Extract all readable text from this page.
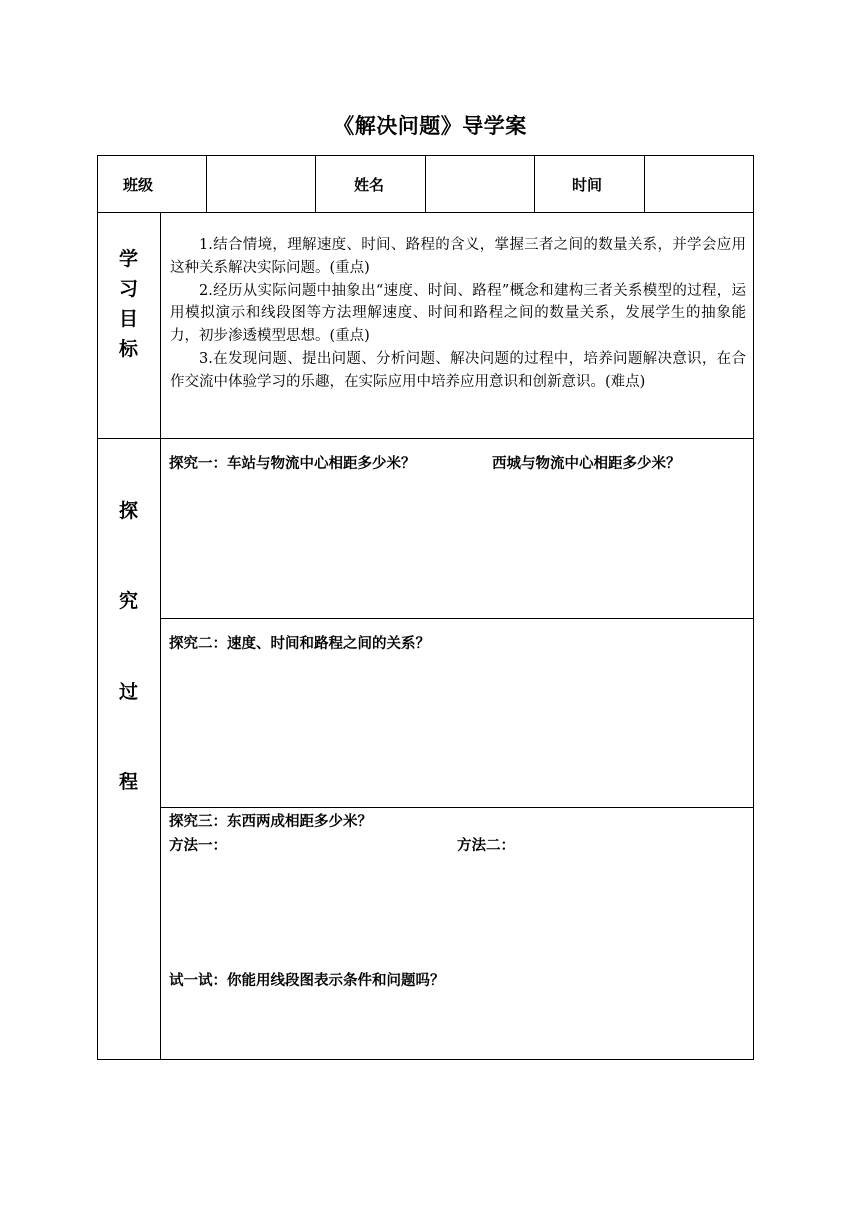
《解决问题》导学案
班级	姓名	时间
学
习
目
标

1.结合情境，理解速度、时间、路程的含义，掌握三者之间的数量关系，并学会应用这种关系解决实际问题。(重点)

2.经历从实际问题中抽象出“速度、时间、路程”概念和建构三者关系模型的过程，运用模拟演示和线段图等方法理解速度、时间和路程之间的数量关系，发展学生的抽象能力，初步渗透模型思想。(重点)

3.在发现问题、提出问题、分析问题、解决问题的过程中，培养问题解决意识，在合作交流中体验学习的乐趣，在实际应用中培养应用意识和创新意识。(难点)

探
究
过
程
探究一：车站与物流中心相距多少米？	西城与物流中心相距多少米？
探究二：速度、时间和路程之间的关系？
探究三：东西两成相距多少米？
方法一：	方法二：
试一试：你能用线段图表示条件和问题吗？
